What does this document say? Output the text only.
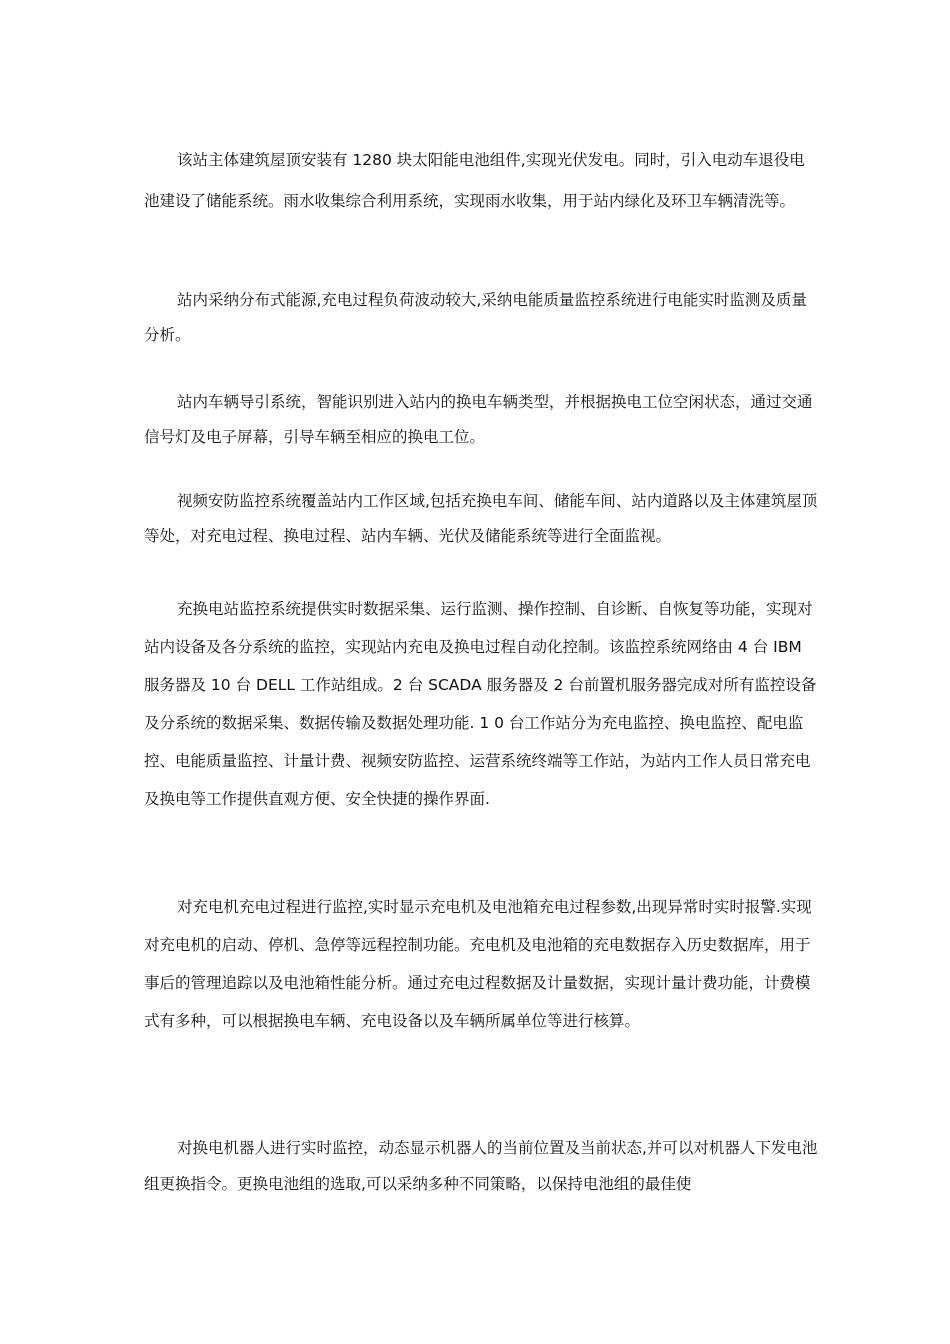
该站主体建筑屋顶安装有 1280 块太阳能电池组件,实现光伏发电。同时，引入电动车退役电池建设了储能系统。雨水收集综合利用系统，实现雨水收集，用于站内绿化及环卫车辆清洗等。

站内采纳分布式能源,充电过程负荷波动较大,采纳电能质量监控系统进行电能实时监测及质量分析。

站内车辆导引系统，智能识别进入站内的换电车辆类型，并根据换电工位空闲状态，通过交通信号灯及电子屏幕，引导车辆至相应的换电工位。

视频安防监控系统覆盖站内工作区域,包括充换电车间、储能车间、站内道路以及主体建筑屋顶等处，对充电过程、换电过程、站内车辆、光伏及储能系统等进行全面监视。

充换电站监控系统提供实时数据采集、运行监测、操作控制、自诊断、自恢复等功能，实现对站内设备及各分系统的监控，实现站内充电及换电过程自动化控制。该监控系统网络由 4 台 IBM 服务器及 10 台 DELL 工作站组成。2 台 SCADA 服务器及 2 台前置机服务器完成对所有监控设备及分系统的数据采集、数据传输及数据处理功能. 1 0 台工作站分为充电监控、换电监控、配电监控、电能质量监控、计量计费、视频安防监控、运营系统终端等工作站，为站内工作人员日常充电及换电等工作提供直观方便、安全快捷的操作界面.

对充电机充电过程进行监控,实时显示充电机及电池箱充电过程参数,出现异常时实时报警.实现对充电机的启动、停机、急停等远程控制功能。充电机及电池箱的充电数据存入历史数据库，用于事后的管理追踪以及电池箱性能分析。通过充电过程数据及计量数据，实现计量计费功能，计费模式有多种，可以根据换电车辆、充电设备以及车辆所属单位等进行核算。

对换电机器人进行实时监控，动态显示机器人的当前位置及当前状态,并可以对机器人下发电池组更换指令。更换电池组的选取,可以采纳多种不同策略，以保持电池组的最佳使
